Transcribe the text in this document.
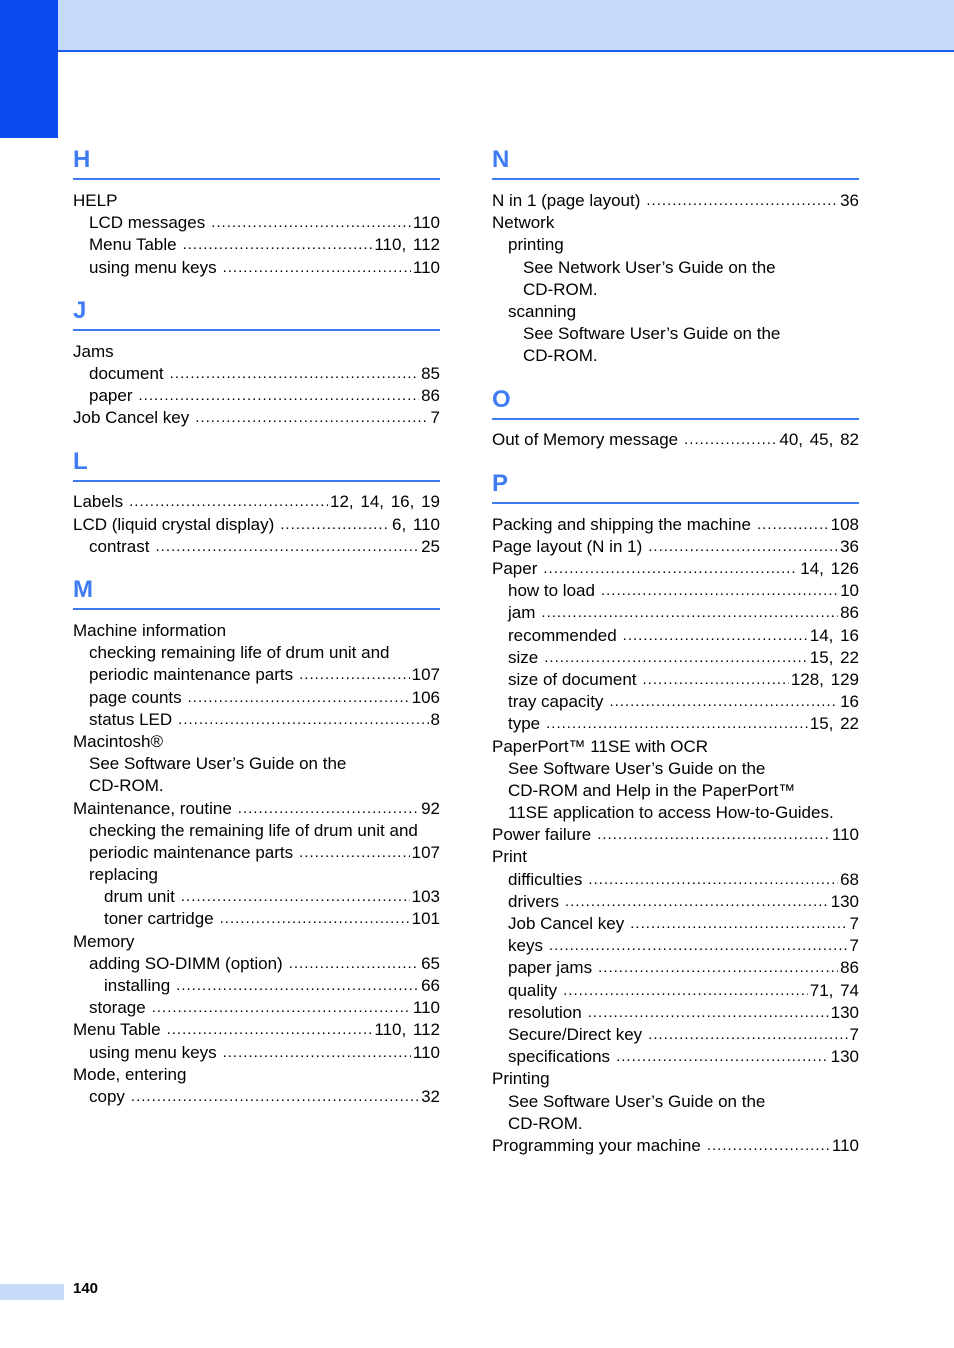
H
HELP
LCD messages .....	110
Menu Table .....	110, 112
using menu keys .....	110
J
Jams
document .....	85
paper .....	86
Job Cancel key .....	7
L
Labels .....	12, 14, 16, 19
LCD (liquid crystal display) .....	6, 110
contrast .....	25
M
Machine information
checking remaining life of drum unit and
periodic maintenance parts .....	107
page counts .....	106
status LED .....	8
Macintosh®
See Software User’s Guide on the
CD-ROM.
Maintenance, routine .....	92
checking the remaining life of drum unit and
periodic maintenance parts .....	107
replacing
drum unit .....	103
toner cartridge .....	101
Memory
adding SO-DIMM (option) .....	65
installing .....	66
storage .....	110
Menu Table .....	110, 112
using menu keys .....	110
Mode, entering
copy .....	32
N
N in 1 (page layout) .....	36
Network
printing
See Network User’s Guide on the
CD-ROM.
scanning
See Software User’s Guide on the
CD-ROM.
O
Out of Memory message .....	40, 45, 82
P
Packing and shipping the machine .....	108
Page layout (N in 1) .....	36
Paper .....	14, 126
how to load .....	10
jam .....	86
recommended .....	14, 16
size .....	15, 22
size of document .....	128, 129
tray capacity .....	16
type .....	15, 22
PaperPort™ 11SE with OCR
See Software User’s Guide on the
CD-ROM and Help in the PaperPort™
11SE application to access How-to-Guides.
Power failure .....	110
Print
difficulties .....	68
drivers .....	130
Job Cancel key .....	7
keys .....	7
paper jams .....	86
quality .....	71, 74
resolution .....	130
Secure/Direct key .....	7
specifications .....	130
Printing
See Software User’s Guide on the
CD-ROM.
Programming your machine .....	110
140
